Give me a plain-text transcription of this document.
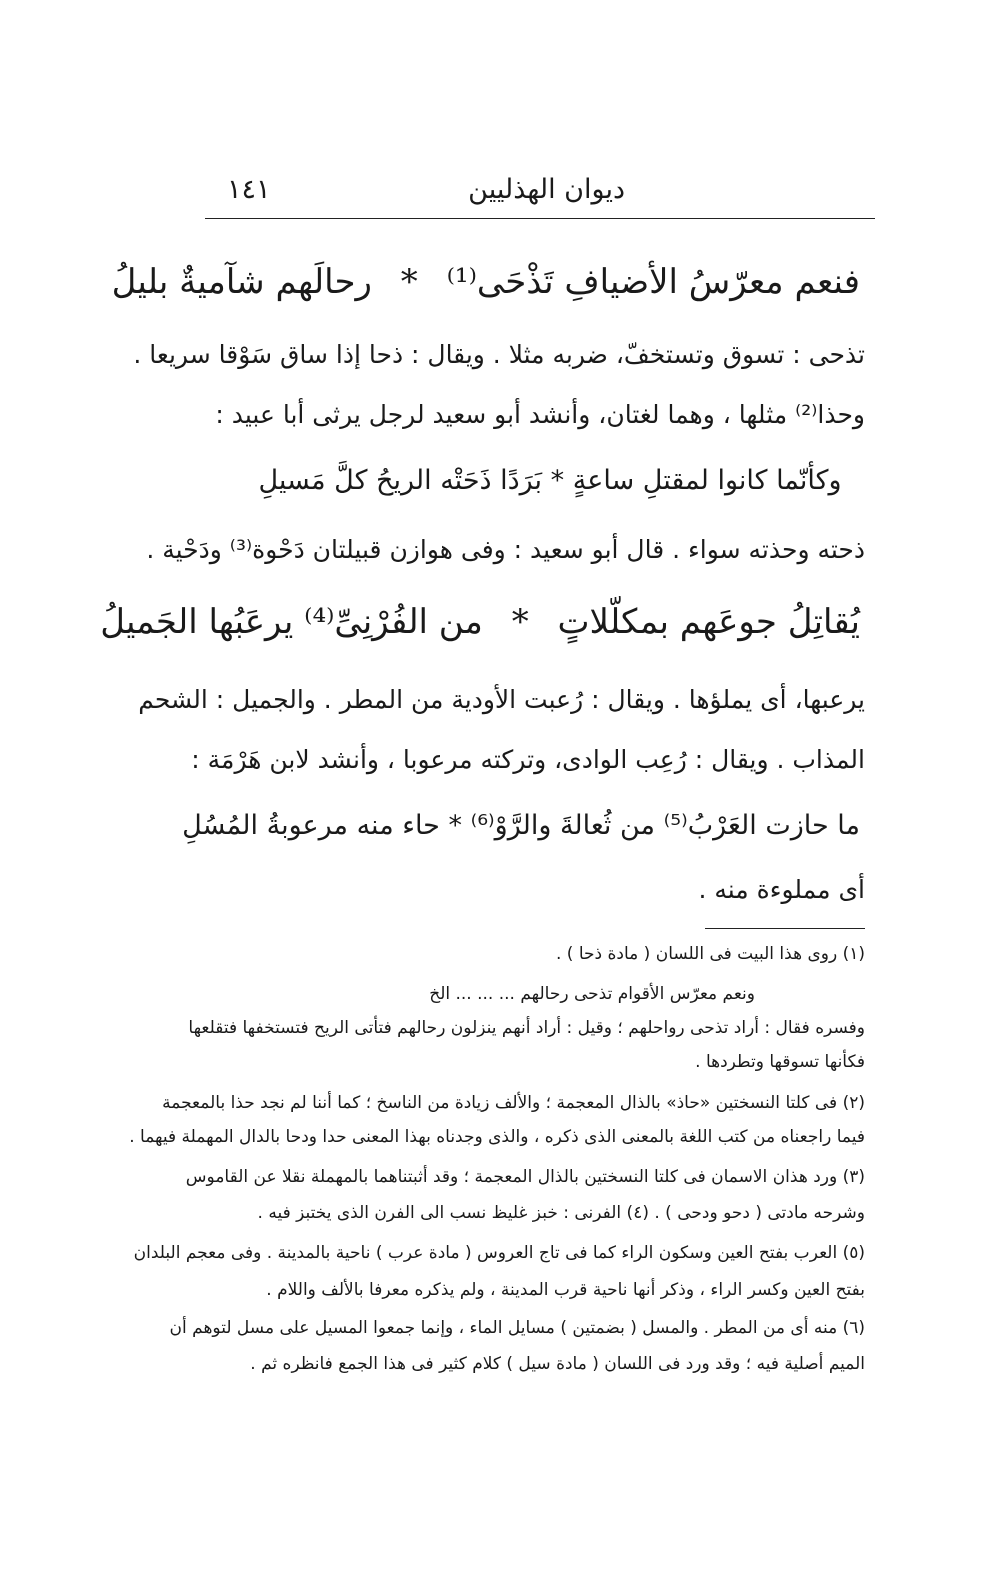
ديوان الهذليين
١٤١
فنعم معرّسُ الأضيافِ تَذْحَى⁽¹⁾ * رحالَهم شآميةٌ بليلُ
تذحى : تسوق وتستخفّ، ضربه مثلا . ويقال : ذحا إذا ساق سَوْقا سريعا .
وحذا⁽²⁾ مثلها ، وهما لغتان، وأنشد أبو سعيد لرجل يرثى أبا عبيد :
وكأنّما كانوا لمقتلِ ساعةٍ * بَرَدًا ذَحَتْه الريحُ كلَّ مَسيلِ
ذحته وحذته سواء . قال أبو سعيد : وفى هوازن قبيلتان دَحْوة⁽³⁾ ودَحْية .
يُقاتِلُ جوعَهم بمكلّلاتٍ * من الفُرْنِىِّ⁽⁴⁾ يرعَبُها الجَميلُ
يرعبها، أى يملؤها . ويقال : رُعبت الأودية من المطر . والجميل : الشحم
المذاب . ويقال : رُعِب الوادى، وتركته مرعوبا ، وأنشد لابن هَرْمَة :
ما حازت العَرْبُ⁽⁵⁾ من ثُعالةَ والرَّوْ⁽⁶⁾ * حاء منه مرعوبةُ المُسُلِ
أى مملوءة منه .
(١) روى هذا البيت فى اللسان ( مادة ذحا ) .
ونعم معرّس الأقوام تذحى رحالهم ... ... ... الخ
وفسره فقال : أراد تذحى رواحلهم ؛ وقيل : أراد أنهم ينزلون رحالهم فتأتى الريح فتستخفها فتقلعها
فكأنها تسوقها وتطردها .
(٢) فى كلتا النسختين «حاذ» بالذال المعجمة ؛ والألف زيادة من الناسخ ؛ كما أننا لم نجد حذا بالمعجمة
فيما راجعناه من كتب اللغة بالمعنى الذى ذكره ، والذى وجدناه بهذا المعنى حدا ودحا بالدال المهملة فيهما .
(٣) ورد هذان الاسمان فى كلتا النسختين بالذال المعجمة ؛ وقد أثبتناهما بالمهملة نقلا عن القاموس
وشرحه مادتى ( دحو ودحى ) . (٤) الفرنى : خبز غليظ نسب الى الفرن الذى يختبز فيه .
(٥) العرب بفتح العين وسكون الراء كما فى تاج العروس ( مادة عرب ) ناحية بالمدينة . وفى معجم البلدان
بفتح العين وكسر الراء ، وذكر أنها ناحية قرب المدينة ، ولم يذكره معرفا بالألف واللام .
(٦) منه أى من المطر . والمسل ( بضمتين ) مسايل الماء ، وإنما جمعوا المسيل على مسل لتوهم أن
الميم أصلية فيه ؛ وقد ورد فى اللسان ( مادة سيل ) كلام كثير فى هذا الجمع فانظره ثم .
